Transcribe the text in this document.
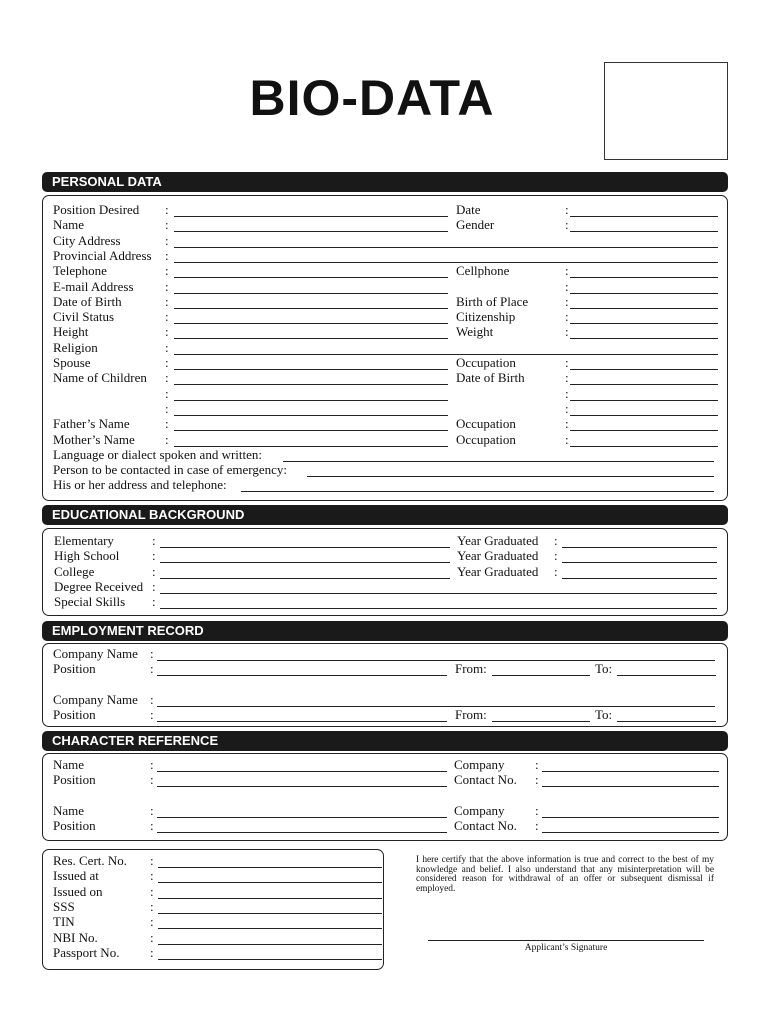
BIO-DATA
PERSONAL DATA
Position Desired :	Date	:
Name	:	Gender	:
City Address	:
Provincial Address :
Telephone	:	Cellphone	:
E-mail Address :	:
Date of Birth	:	Birth of Place	:
Civil Status	:	Citizenship	:
Height	:	Weight	:
Religion	:
Spouse	:	Occupation	:
Name of Children :	Date of Birth	:
:	:
:	:
Father’s Name	:	Occupation	:
Mother’s Name :	Occupation	:
Language or dialect spoken and written:
Person to be contacted in case of emergency:
His or her address and telephone:
EDUCATIONAL BACKGROUND
Elementary	:	Year Graduated :
High School	:	Year Graduated :
College	:	Year Graduated :
Degree Received :
Special Skills :
EMPLOYMENT RECORD
Company Name :
Position	:	From:	To:
Company Name :
Position	:	From:	To:
CHARACTER REFERENCE
Name	:	Company :
Position	:	Contact No. :
Name	:	Company :
Position	:	Contact No. :
Res. Cert. No. :
Issued at	:
Issued on	:
SSS	:
TIN	:
NBI No.	:
Passport No. :
I here certify that the above information is true and correct to the best of my knowledge and belief. I also understand that any misinterpretation will be considered reason for withdrawal of an offer or subsequent dismissal if employed.
Applicant’s Signature
